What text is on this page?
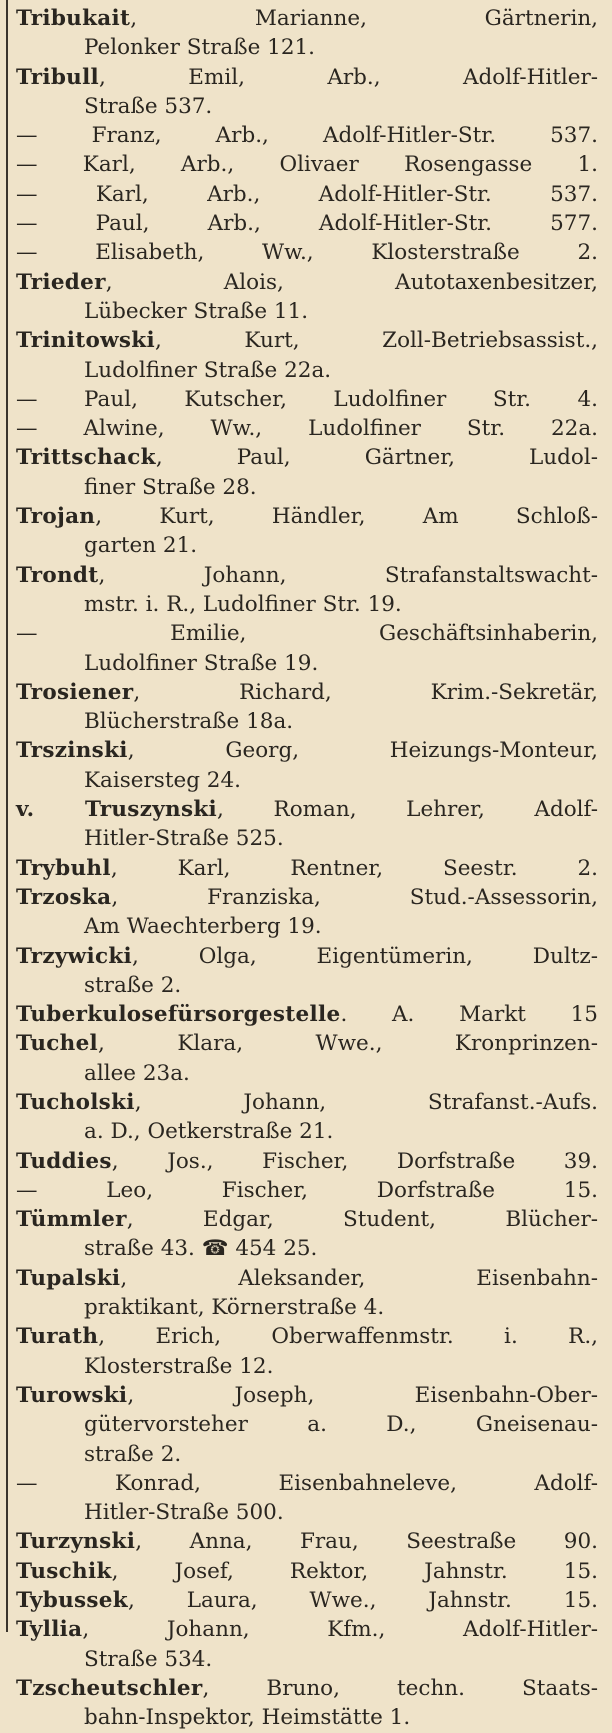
Tribukait, Marianne, Gärtnerin,
Pelonker Straße 121.
Tribull, Emil, Arb., Adolf-Hitler-
Straße 537.
— Franz, Arb., Adolf-Hitler-Str. 537.
— Karl, Arb., Olivaer Rosengasse 1.
— Karl, Arb., Adolf-Hitler-Str. 537.
— Paul, Arb., Adolf-Hitler-Str. 577.
— Elisabeth, Ww., Klosterstraße 2.
Trieder, Alois, Autotaxenbesitzer,
Lübecker Straße 11.
Trinitowski, Kurt, Zoll-Betriebsassist.,
Ludolfiner Straße 22a.
— Paul, Kutscher, Ludolfiner Str. 4.
— Alwine, Ww., Ludolfiner Str. 22a.
Trittschack, Paul, Gärtner, Ludol-
finer Straße 28.
Trojan, Kurt, Händler, Am Schloß-
garten 21.
Trondt, Johann, Strafanstaltswacht-
mstr. i. R., Ludolfiner Str. 19.
— Emilie, Geschäftsinhaberin,
Ludolfiner Straße 19.
Trosiener, Richard, Krim.-Sekretär,
Blücherstraße 18a.
Trszinski, Georg, Heizungs-Monteur,
Kaisersteg 24.
v. Truszynski, Roman, Lehrer, Adolf-
Hitler-Straße 525.
Trybuhl, Karl, Rentner, Seestr. 2.
Trzoska, Franziska, Stud.-Assessorin,
Am Waechterberg 19.
Trzywicki, Olga, Eigentümerin, Dultz-
straße 2.
Tuberkulosefürsorgestelle. A. Markt 15
Tuchel, Klara, Wwe., Kronprinzen-
allee 23a.
Tucholski, Johann, Strafanst.-Aufs.
a. D., Oetkerstraße 21.
Tuddies, Jos., Fischer, Dorfstraße 39.
— Leo, Fischer, Dorfstraße 15.
Tümmler, Edgar, Student, Blücher-
straße 43. ☎ 454 25.
Tupalski, Aleksander, Eisenbahn-
praktikant, Körnerstraße 4.
Turath, Erich, Oberwaffenmstr. i. R.,
Klosterstraße 12.
Turowski, Joseph, Eisenbahn-Ober-
gütervorsteher a. D., Gneisenau-
straße 2.
— Konrad, Eisenbahneleve, Adolf-
Hitler-Straße 500.
Turzynski, Anna, Frau, Seestraße 90.
Tuschik, Josef, Rektor, Jahnstr. 15.
Tybussek, Laura, Wwe., Jahnstr. 15.
Tyllia, Johann, Kfm., Adolf-Hitler-
Straße 534.
Tzscheutschler, Bruno, techn. Staats-
bahn-Inspektor, Heimstätte 1.
